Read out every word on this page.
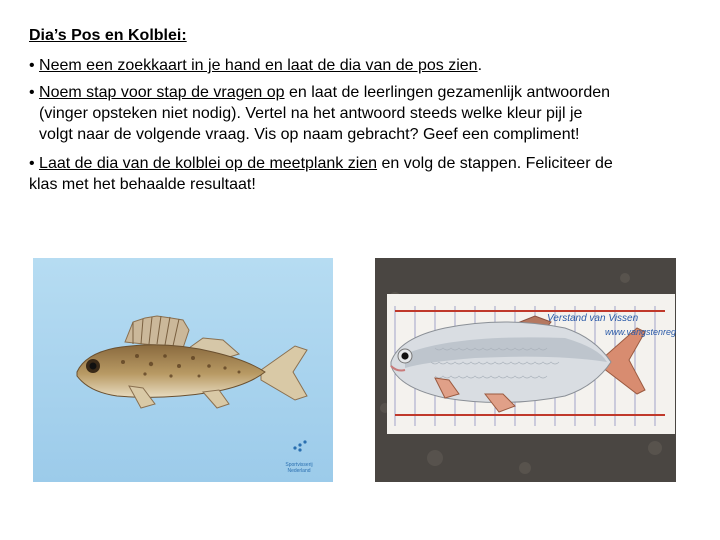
Dia’s Pos en Kolblei:
• Neem een zoekkaart in je hand en laat de dia van de pos zien.
• Noem stap voor stap de vragen op en laat de leerlingen gezamenlijk antwoorden
(vinger opsteken niet nodig). Vertel na het antwoord steeds welke kleur pijl je
volgt naar de volgende vraag. Vis op naam gebracht? Geef een compliment!
• Laat de dia van de kolblei op de meetplank zien en volg de stappen. Feliciteer de
klas met het behaalde resultaat!
Sportvisserij
Nederland
Verstand van Vissen
www.vangstenreg
